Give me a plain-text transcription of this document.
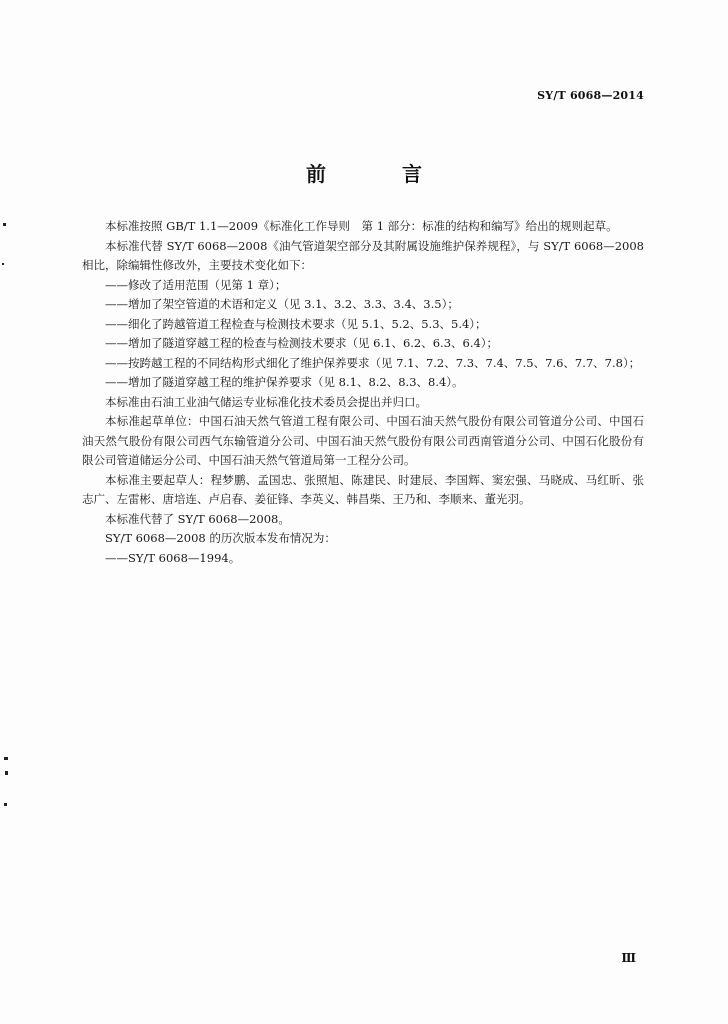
SY/T 6068—2014
前　言

本标准按照 GB/T 1.1—2009《标准化工作导则　第 1 部分：标准的结构和编写》给出的规则起草。

本标准代替 SY/T 6068—2008《油气管道架空部分及其附属设施维护保养规程》，与 SY/T 6068—2008 相比，除编辑性修改外，主要技术变化如下：

——修改了适用范围（见第 1 章）；

——增加了架空管道的术语和定义（见 3.1、3.2、3.3、3.4、3.5）；

——细化了跨越管道工程检查与检测技术要求（见 5.1、5.2、5.3、5.4）；

——增加了隧道穿越工程的检查与检测技术要求（见 6.1、6.2、6.3、6.4）；

——按跨越工程的不同结构形式细化了维护保养要求（见 7.1、7.2、7.3、7.4、7.5、7.6、7.7、7.8）；

——增加了隧道穿越工程的维护保养要求（见 8.1、8.2、8.3、8.4）。

本标准由石油工业油气储运专业标准化技术委员会提出并归口。

本标准起草单位：中国石油天然气管道工程有限公司、中国石油天然气股份有限公司管道分公司、中国石油天然气股份有限公司西气东输管道分公司、中国石油天然气股份有限公司西南管道分公司、中国石化股份有限公司管道储运分公司、中国石油天然气管道局第一工程分公司。

本标准主要起草人：程梦鹏、孟国忠、张照旭、陈建民、时建辰、李国辉、窦宏强、马晓成、马红昕、张志广、左雷彬、唐培连、卢启春、姜征锋、李英义、韩昌柴、王乃和、李顺来、董光羽。

本标准代替了 SY/T 6068—2008。

SY/T 6068—2008 的历次版本发布情况为：

——SY/T 6068—1994。

Ⅲ
